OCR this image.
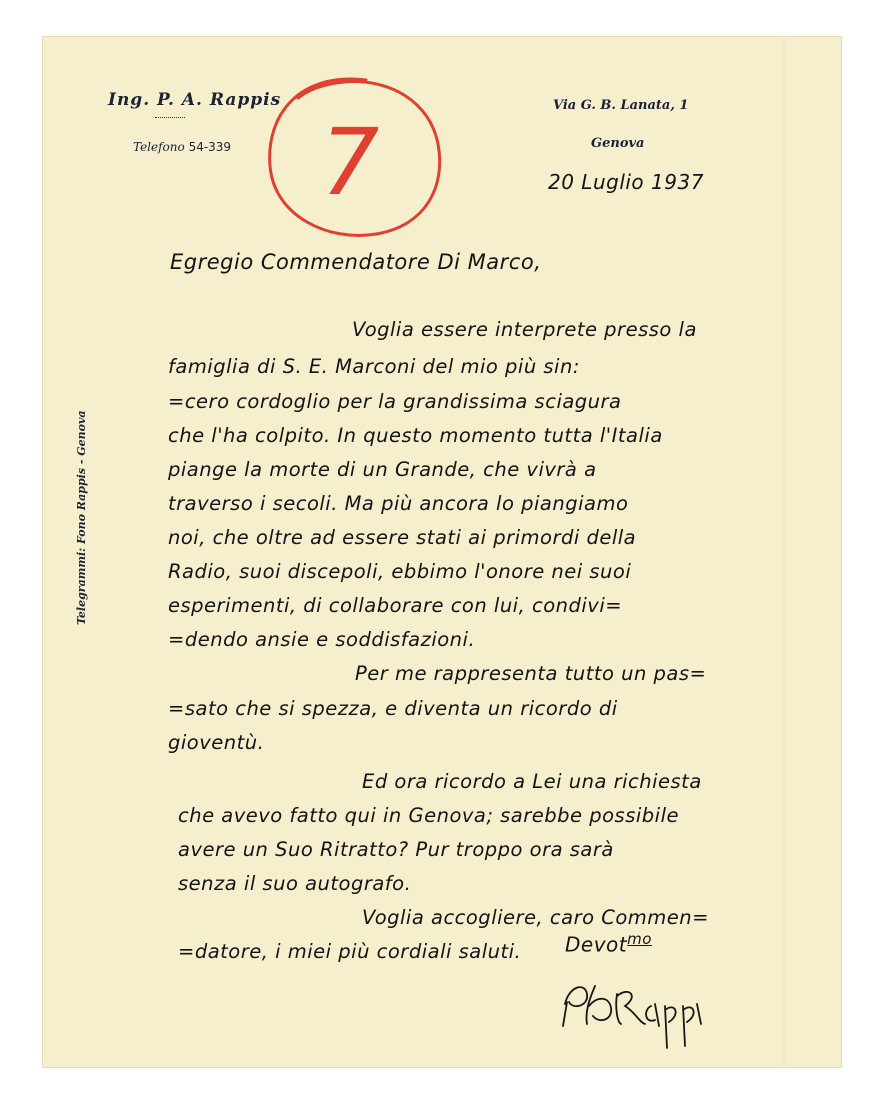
Ing. P. A. Rappis
Telefono 54-339
Via G. B. Lanata, 1
Genova
Telegrammi: Fono Rappis - Genova
7	20 Luglio 1937
Egregio Commendatore Di Marco,
Voglia essere interprete presso la
famiglia di S. E. Marconi del mio più sin:
=cero cordoglio per la grandissima sciagura
che l'ha colpito. In questo momento tutta l'Italia
piange la morte di un Grande, che vivrà a
traverso i secoli. Ma più ancora lo piangiamo
noi, che oltre ad essere stati ai primordi della
Radio, suoi discepoli, ebbimo l'onore nei suoi
esperimenti, di collaborare con lui, condivi=
=dendo ansie e soddisfazioni.
Per me rappresenta tutto un pas=
=sato che si spezza, e diventa un ricordo di
gioventù.
Ed ora ricordo a Lei una richiesta
che avevo fatto qui in Genova; sarebbe possibile
avere un Suo Ritratto? Pur troppo ora sarà
senza il suo autografo.
Voglia accogliere, caro Commen=
=datore, i miei più cordiali saluti. Devot$^{mo}$
